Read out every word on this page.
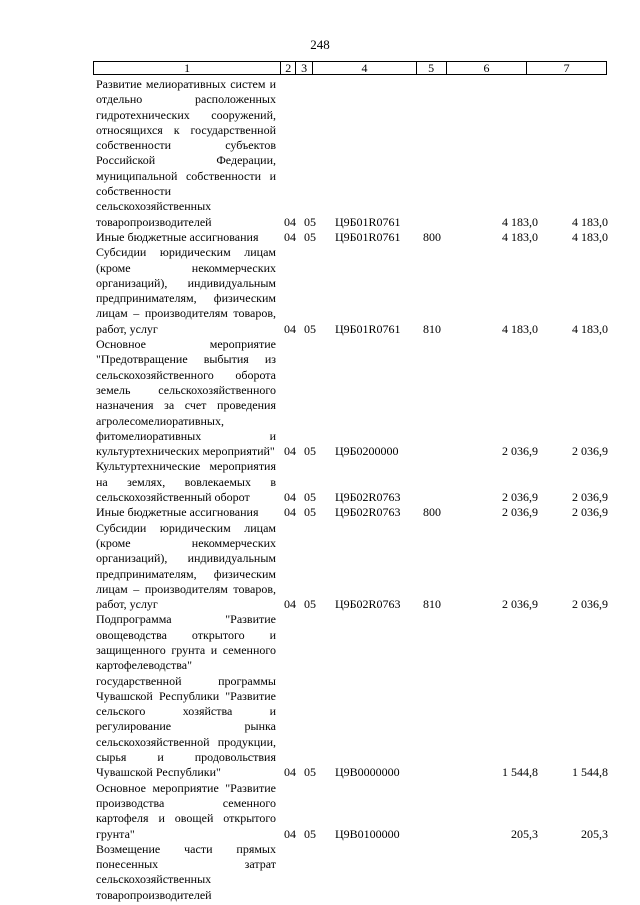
248
1	2 3	4	5	6	7
Развитие мелиоративных систем и отдельно расположенных гидротехнических сооружений, относящихся к государственной собственности субъектов Российской Федерации, муниципальной собственности и собственности сельскохозяйственных товаропроизводителей	04 05	Ц9Б01R0761	4 183,0	4 183,0
Иные бюджетные ассигнования	04 05	Ц9Б01R0761	800	4 183,0	4 183,0
Субсидии юридическим лицам (кроме некоммерческих организаций), индивидуальным предпринимателям, физическим лицам – производителям товаров, работ, услуг	04 05	Ц9Б01R0761	810	4 183,0	4 183,0
Основное мероприятие "Предотвращение выбытия из сельскохозяйственного оборота земель сельскохозяйственного назначения за счет проведения агролесомелиоративных, фитомелиоративных и культуртехнических мероприятий" 04 05	Ц9Б0200000	2 036,9	2 036,9
Культуртехнические мероприятия на землях, вовлекаемых в сельскохозяйственный оборот	04 05	Ц9Б02R0763	2 036,9	2 036,9
Иные бюджетные ассигнования	04 05	Ц9Б02R0763	800	2 036,9	2 036,9
Субсидии юридическим лицам (кроме некоммерческих организаций), индивидуальным предпринимателям, физическим лицам – производителям товаров, работ, услуг	04 05	Ц9Б02R0763	810	2 036,9	2 036,9
Подпрограмма "Развитие овощеводства открытого и защищенного грунта и семенного картофелеводства" государственной программы Чувашской Республики "Развитие сельского хозяйства и регулирование рынка сельскохозяйственной продукции, сырья и продовольствия Чувашской Республики"	04 05	Ц9В0000000	1 544,8	1 544,8
Основное мероприятие "Развитие производства семенного картофеля и овощей открытого грунта"	04 05	Ц9В0100000	205,3	205,3
Возмещение части прямых понесенных затрат сельскохозяйственных товаропроизводителей
